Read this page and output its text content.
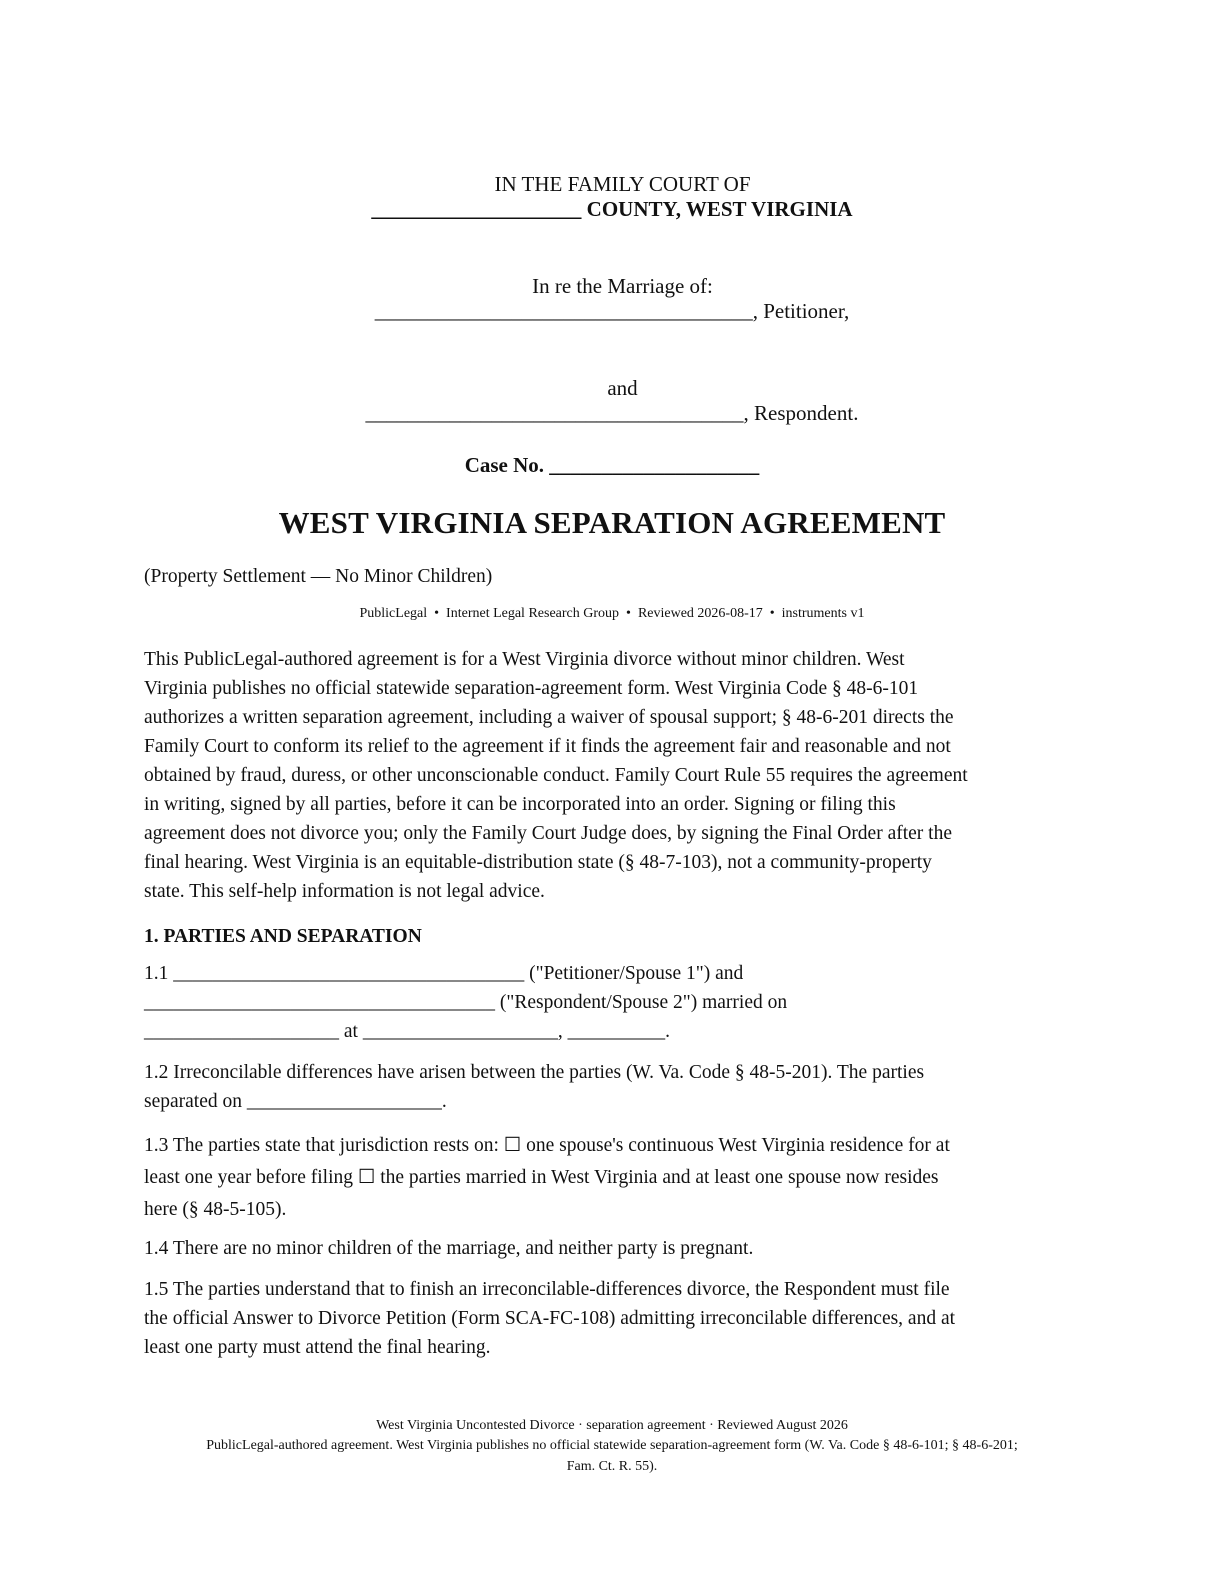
IN THE FAMILY COURT OF

____________________ COUNTY, WEST VIRGINIA

In re the Marriage of:

____________________________________, Petitioner,

and

____________________________________, Respondent.
Case No. ____________________
WEST VIRGINIA SEPARATION AGREEMENT
(Property Settlement — No Minor Children)
PublicLegal • Internet Legal Research Group • Reviewed 2026-08-17 • instruments v1
This PublicLegal-authored agreement is for a West Virginia divorce without minor children. West
Virginia publishes no official statewide separation-agreement form. West Virginia Code § 48-6-101
authorizes a written separation agreement, including a waiver of spousal support; § 48-6-201 directs the
Family Court to conform its relief to the agreement if it finds the agreement fair and reasonable and not
obtained by fraud, duress, or other unconscionable conduct. Family Court Rule 55 requires the agreement
in writing, signed by all parties, before it can be incorporated into an order. Signing or filing this
agreement does not divorce you; only the Family Court Judge does, by signing the Final Order after the
final hearing. West Virginia is an equitable-distribution state (§ 48-7-103), not a community-property
state. This self-help information is not legal advice.
1. PARTIES AND SEPARATION
1.1 ____________________________________ ("Petitioner/Spouse 1") and
____________________________________ ("Respondent/Spouse 2") married on
____________________ at ____________________, __________.
1.2 Irreconcilable differences have arisen between the parties (W. Va. Code § 48-5-201). The parties
separated on ____________________.
1.3 The parties state that jurisdiction rests on: ☐ one spouse's continuous West Virginia residence for at
least one year before filing ☐ the parties married in West Virginia and at least one spouse now resides
here (§ 48-5-105).
1.4 There are no minor children of the marriage, and neither party is pregnant.
1.5 The parties understand that to finish an irreconcilable-differences divorce, the Respondent must file
the official Answer to Divorce Petition (Form SCA-FC-108) admitting irreconcilable differences, and at
least one party must attend the final hearing.
West Virginia Uncontested Divorce · separation agreement · Reviewed August 2026
PublicLegal-authored agreement. West Virginia publishes no official statewide separation-agreement form (W. Va. Code § 48-6-101; § 48-6-201;
Fam. Ct. R. 55).
